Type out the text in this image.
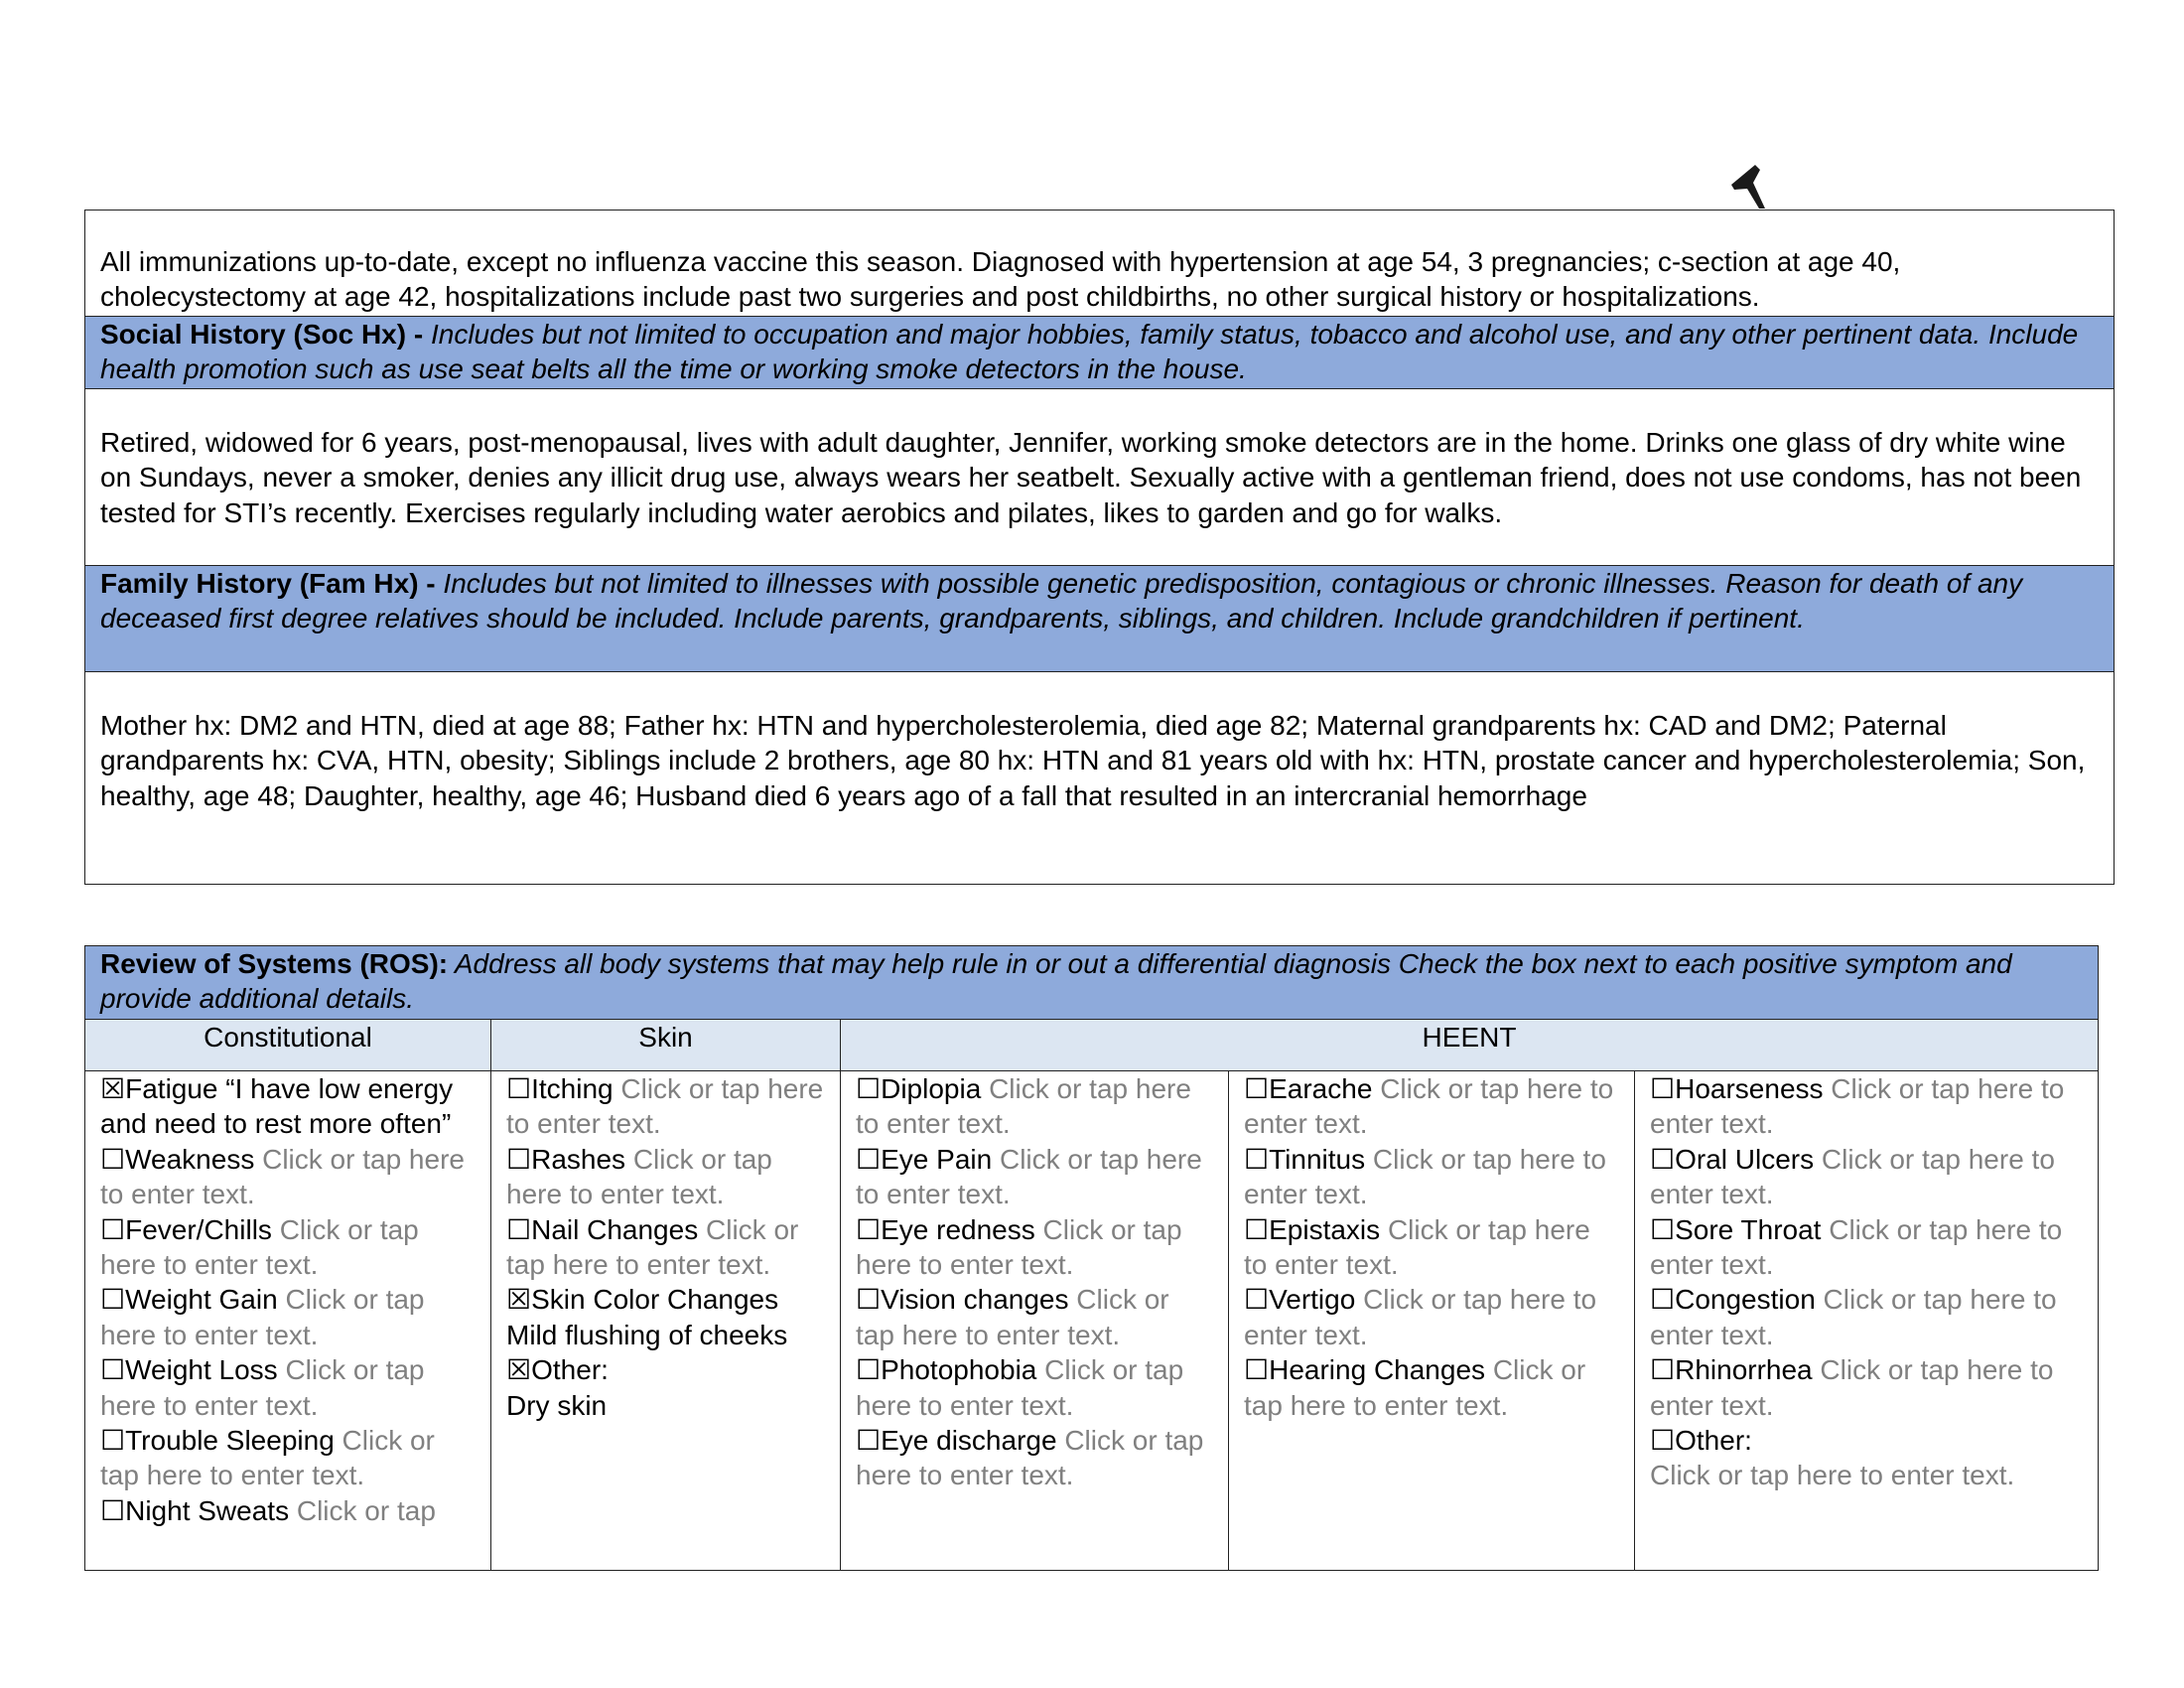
All immunizations up-to-date, except no influenza vaccine this season. Diagnosed with hypertension at age 54, 3 pregnancies; c-section at age 40, cholecystectomy at age 42, hospitalizations include past two surgeries and post childbirths, no other surgical history or hospitalizations.
Social History (Soc Hx) - Includes but not limited to occupation and major hobbies, family status, tobacco and alcohol use, and any other pertinent data. Include health promotion such as use seat belts all the time or working smoke detectors in the house.
Retired, widowed for 6 years, post-menopausal, lives with adult daughter, Jennifer, working smoke detectors are in the home. Drinks one glass of dry white wine on Sundays, never a smoker, denies any illicit drug use, always wears her seatbelt. Sexually active with a gentleman friend, does not use condoms, has not been tested for STI’s recently. Exercises regularly including water aerobics and pilates, likes to garden and go for walks.
Family History (Fam Hx) - Includes but not limited to illnesses with possible genetic predisposition, contagious or chronic illnesses. Reason for death of any deceased first degree relatives should be included. Include parents, grandparents, siblings, and children. Include grandchildren if pertinent.
Mother hx: DM2 and HTN, died at age 88; Father hx: HTN and hypercholesterolemia, died age 82; Maternal grandparents hx: CAD and DM2; Paternal grandparents hx: CVA, HTN, obesity; Siblings include 2 brothers, age 80 hx: HTN and 81 years old with hx: HTN, prostate cancer and hypercholesterolemia; Son, healthy, age 48; Daughter, healthy, age 46; Husband died 6 years ago of a fall that resulted in an intercranial hemorrhage
Review of Systems (ROS): Address all body systems that may help rule in or out a differential diagnosis Check the box next to each positive symptom and provide additional details.
Constitutional	Skin	HEENT
☒Fatigue “I have low energy and need to rest more often”
☐Weakness Click or tap here to enter text.
☐Fever/Chills Click or tap here to enter text.
☐Weight Gain Click or tap here to enter text.
☐Weight Loss Click or tap here to enter text.
☐Trouble Sleeping Click or tap here to enter text.
☐Night Sweats Click or tap
☐Itching Click or tap here to enter text.
☐Rashes Click or tap here to enter text.
☐Nail Changes Click or tap here to enter text.
☒Skin Color Changes
Mild flushing of cheeks
☒Other:
Dry skin
☐Diplopia Click or tap here to enter text.
☐Eye Pain Click or tap here to enter text.
☐Eye redness Click or tap here to enter text.
☐Vision changes Click or tap here to enter text.
☐Photophobia Click or tap here to enter text.
☐Eye discharge Click or tap here to enter text.
☐Earache Click or tap here to enter text.
☐Tinnitus Click or tap here to enter text.
☐Epistaxis Click or tap here to enter text.
☐Vertigo Click or tap here to enter text.
☐Hearing Changes Click or tap here to enter text.
☐Hoarseness Click or tap here to enter text.
☐Oral Ulcers Click or tap here to enter text.
☐Sore Throat Click or tap here to enter text.
☐Congestion Click or tap here to enter text.
☐Rhinorrhea Click or tap here to enter text.
☐Other:
Click or tap here to enter text.
